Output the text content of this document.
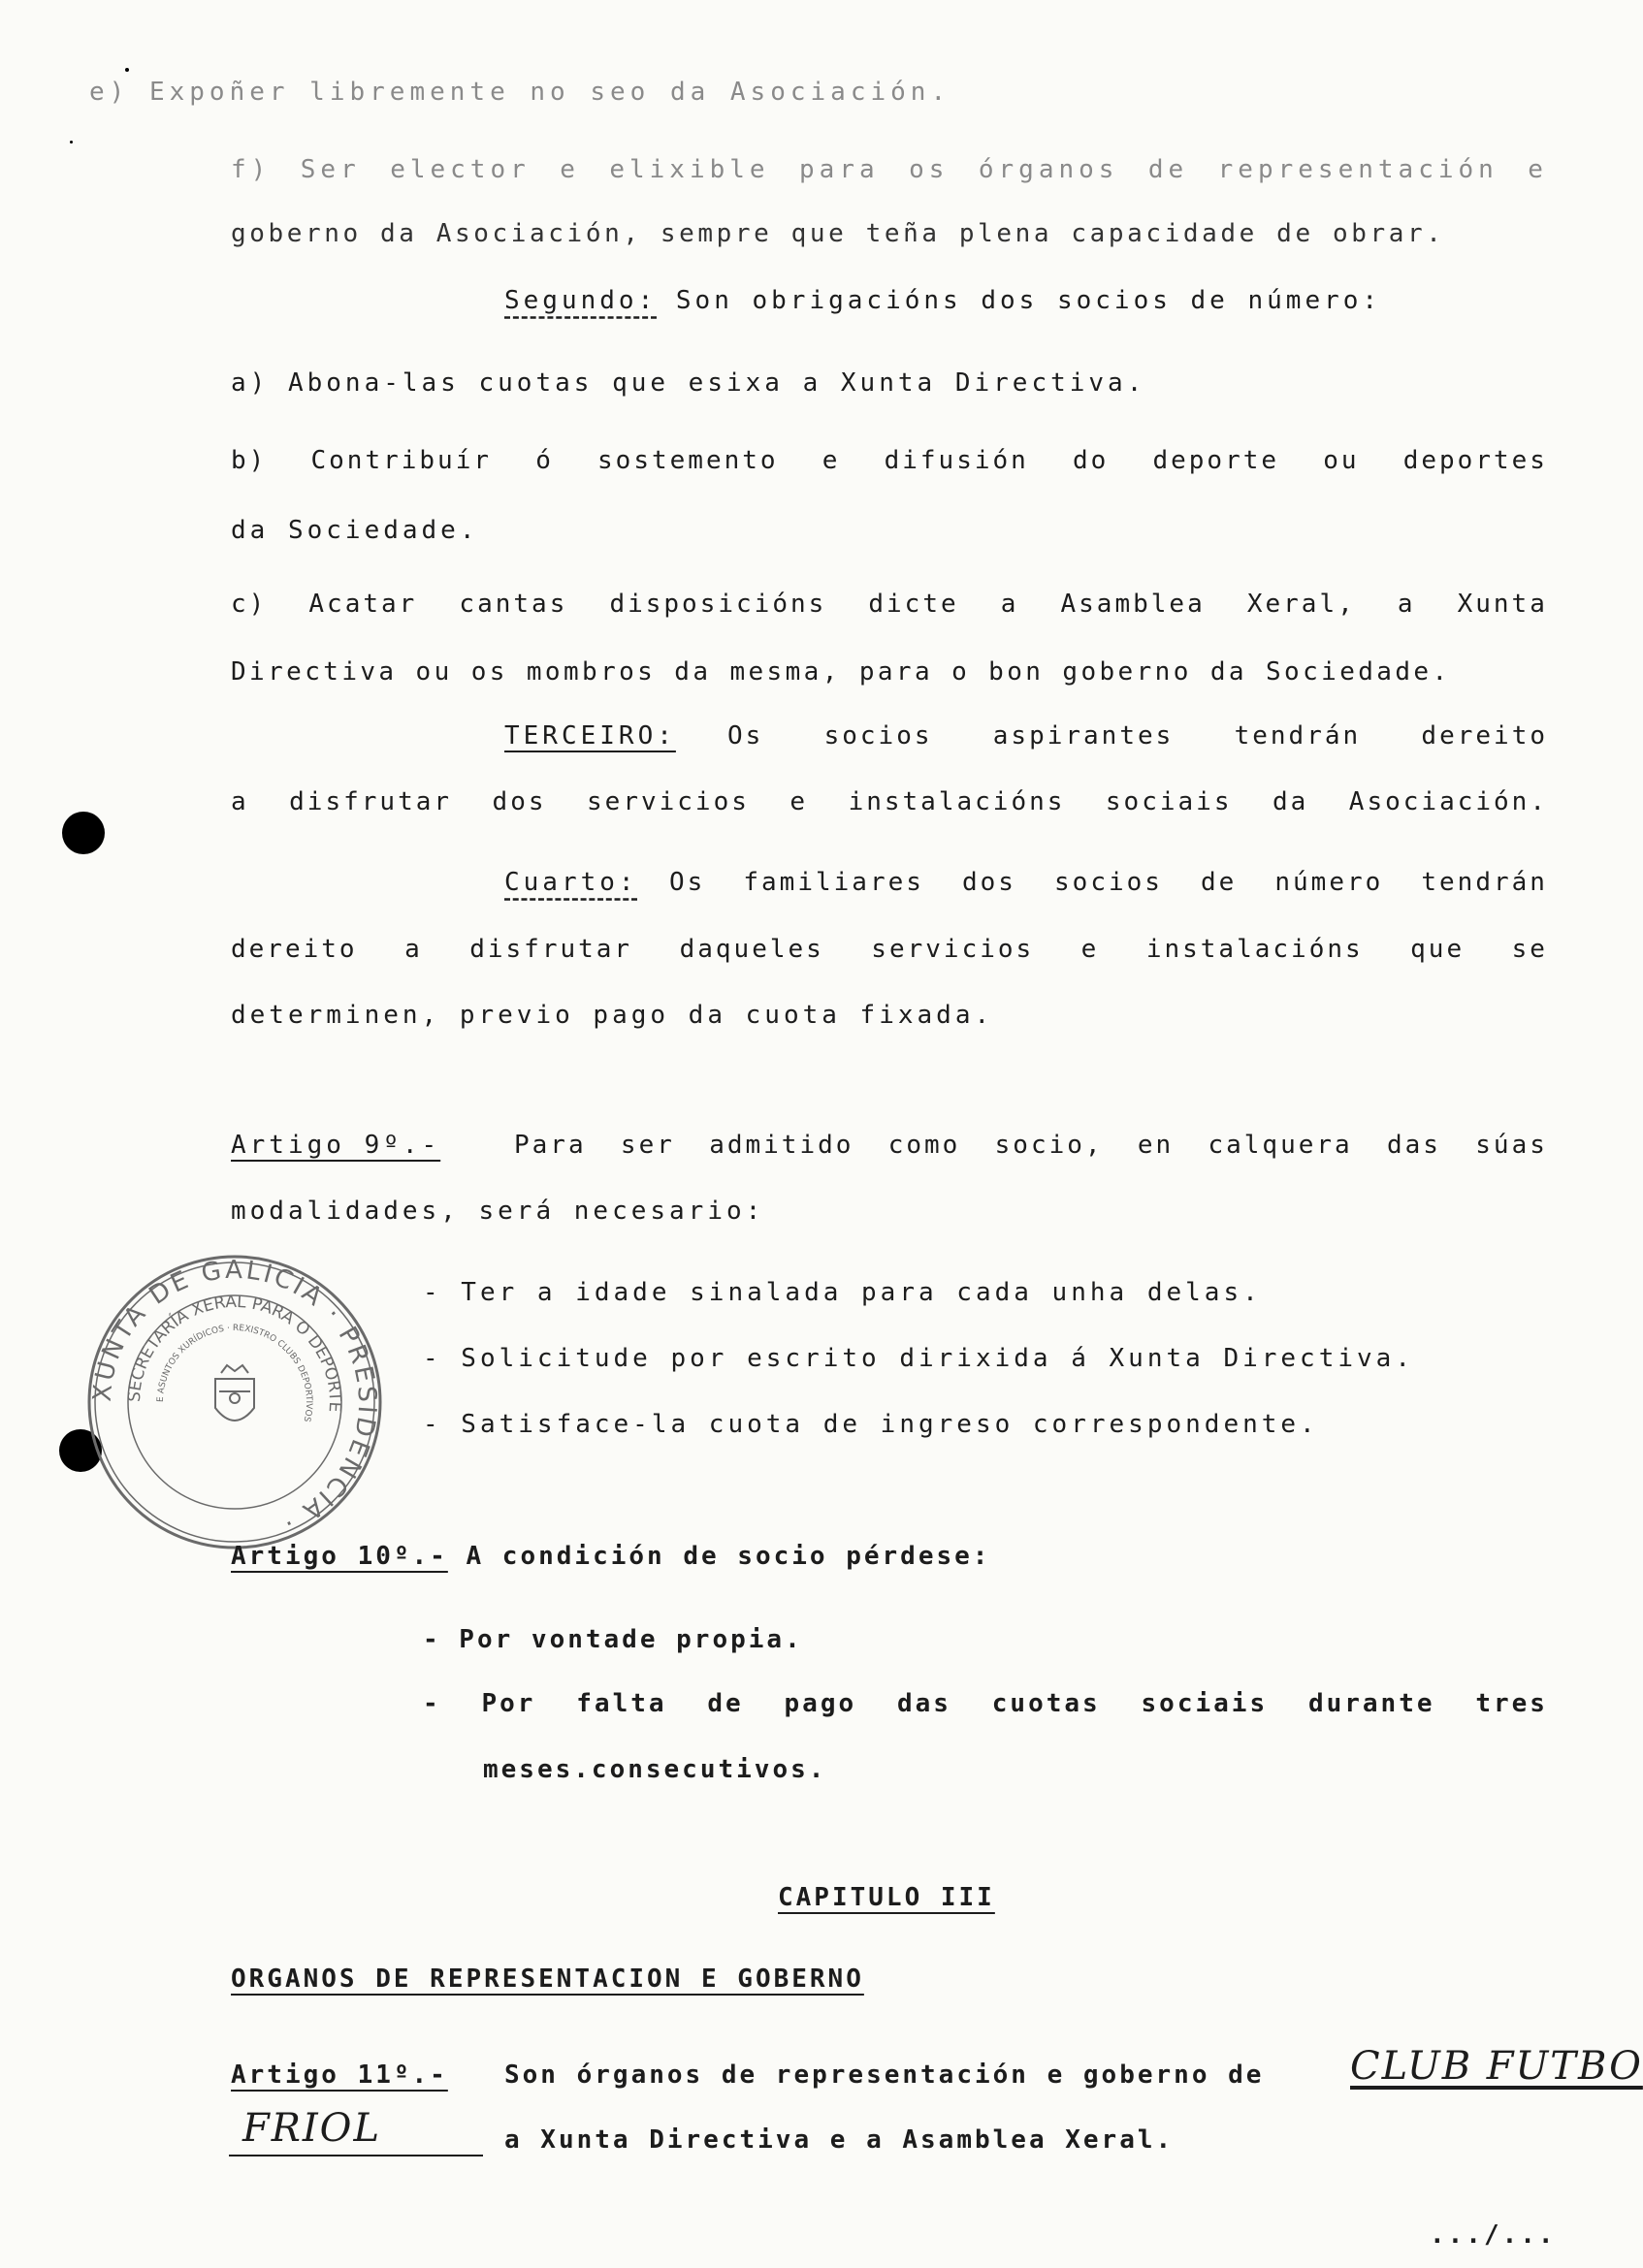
e) Expoñer libremente no seo da Asociación.
f) Ser elector e elixible para os órganos de representación e
goberno da Asociación, sempre que teña plena capacidade de obrar.
Segundo: Son obrigacións dos socios de número:
a) Abona-las cuotas que esixa a Xunta Directiva.
b) Contribuír ó sostemento e difusión do deporte ou deportes
da Sociedade.
c) Acatar cantas disposicións dicte a Asamblea Xeral, a Xunta
Directiva ou os mombros da mesma, para o bon goberno da Sociedade.
TERCEIRO: Os socios aspirantes tendrán dereito
a disfrutar dos servicios e instalacións sociais da Asociación.
Cuarto: Os familiares dos socios de número tendrán
dereito a disfrutar daqueles servicios e instalacións que se
determinen, previo pago da cuota fixada.
Artigo 9º.-	Para ser admitido como socio, en calquera das súas
modalidades, será necesario:
- Ter a idade sinalada para cada unha delas.
- Solicitude por escrito dirixida á Xunta Directiva.
- Satisface-la cuota de ingreso correspondente.
XUNTA DE GALICIA · PRESIDENCIA ·
SECRETARÍA XERAL PARA O DEPORTE
E ASUNTOS XURÍDICOS · REXISTRO CLUBS DEPORTIVOS
Artigo 10º.- A condición de socio pérdese:
- Por vontade propia.
- Por falta de pago das cuotas sociais durante tres
meses.consecutivos.
CAPITULO III
ORGANOS DE REPRESENTACION E GOBERNO
Artigo 11º.- Son órganos de representación e goberno de CLUB FUTBO
FRIOL	a Xunta Directiva e a Asamblea Xeral.
.../...
